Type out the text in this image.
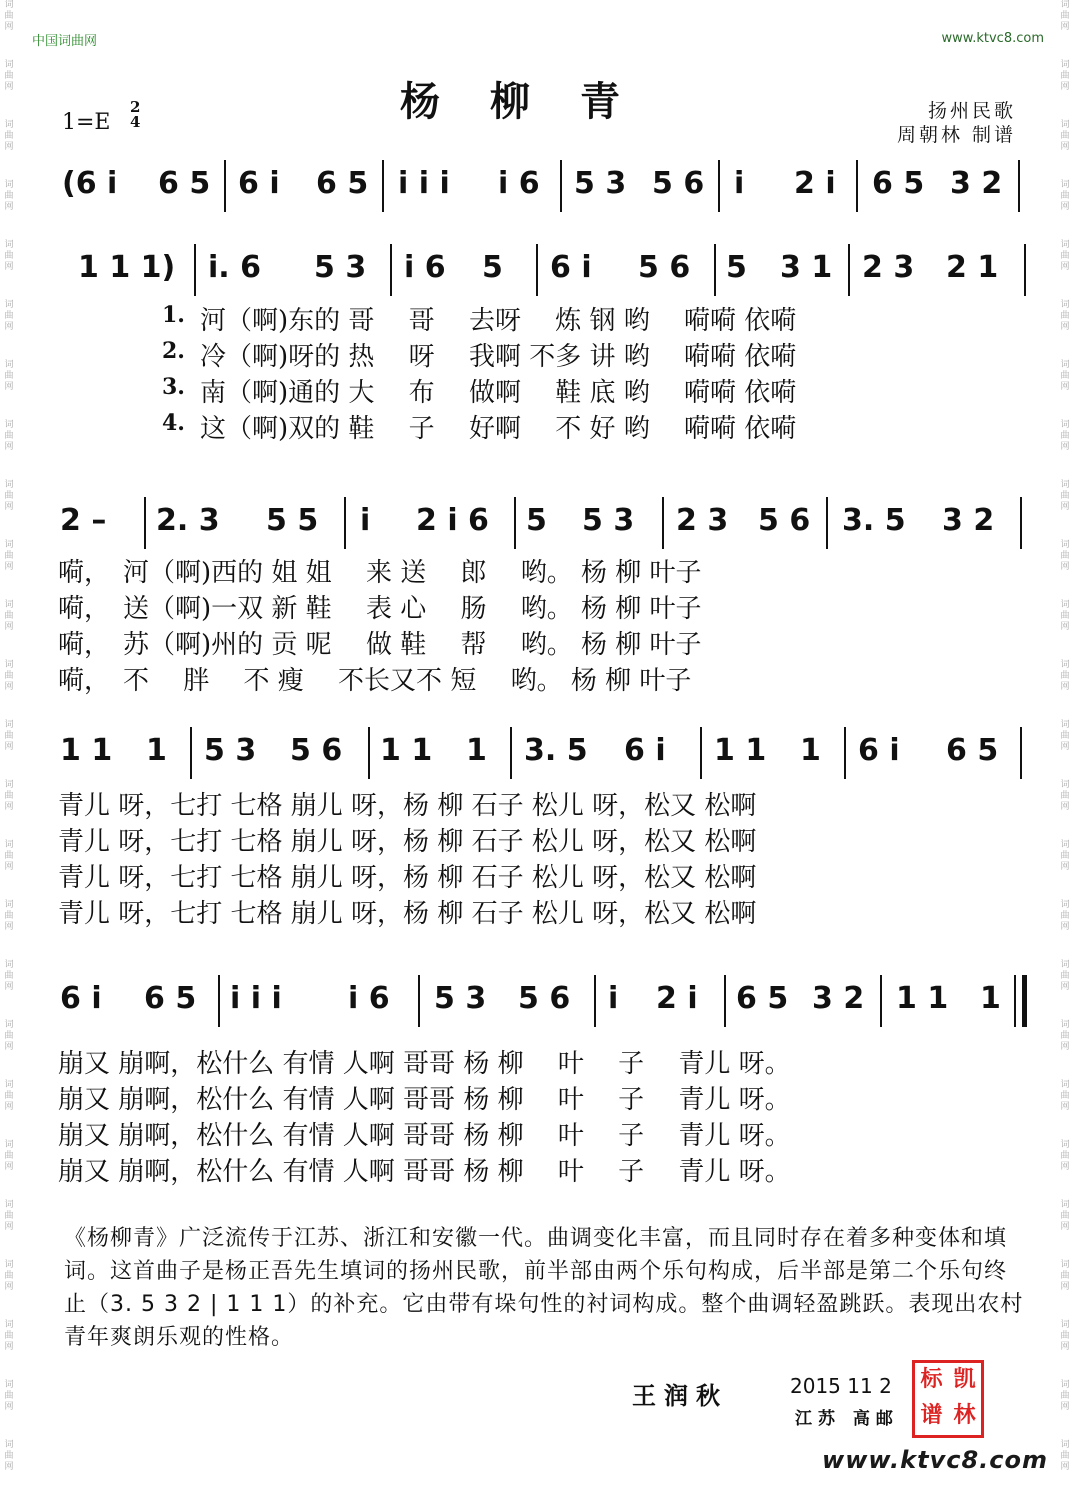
词
曲
网
词
曲
网
词
曲
网
词
曲
网
词
曲
网
词
曲
网
词
曲
网
词
曲
网
词
曲
网
词
曲
网
词
曲
网
词
曲
网
词
曲
网
词
曲
网
词
曲
网
词
曲
网
词
曲
网
词
曲
网
词
曲
网
词
曲
网
词
曲
网
词
曲
网
词
曲
网
词
曲
网
词
曲
网
词
曲
网
词
曲
网
词
曲
网
词
曲
网
词
曲
网
词
曲
网
词
曲
网
词
曲
网
词
曲
网
词
曲
网
词
曲
网
词
曲
网
词
曲
网
词
曲
网
词
曲
网
词
曲
网
词
曲
网
词
曲
网
词
曲
网
词
曲
网
词
曲
网
词
曲
网
词
曲
网
词
曲
网
词
曲
网
中国词曲网	www.ktvc8.com
杨柳青
1=E
2
4	扬州民歌
周朝林 制谱
(6 i 6 5 6 i 6 5 i i i i 6 5 3 5 6 i 2 i 6 5 3 2
1 1 1) i. 6 5 3 i 6 5 6 i 5 6 5 3 1 2 3 2 1
1. 河（啊)东的 哥　 哥　 去呀　 炼 钢 哟　 嗬嗬 依嗬
2. 冷（啊)呀的 热　 呀　 我啊 不多 讲 哟　 嗬嗬 依嗬
3. 南（啊)通的 大　 布　 做啊　 鞋 底 哟　 嗬嗬 依嗬
4. 这（啊)双的 鞋　 子　 好啊　 不 好 哟　 嗬嗬 依嗬
2 – 2. 3 5 5 i 2 i 6 5 5 3 2 3 5 6 3. 5 3 2
嗬，　河（啊)西的 姐 姐　 来 送　 郎　 哟。 杨 柳 叶子
嗬，　送（啊)一双 新 鞋　 表 心　 肠　 哟。 杨 柳 叶子
嗬，　苏（啊)州的 贡 呢　 做 鞋　 帮　 哟。 杨 柳 叶子
嗬，　不　 胖　 不 瘦　 不长又不 短　 哟。 杨 柳 叶子
1 1 1 5 3 5 6 1 1 1 3. 5 6 i 1 1 1 6 i 6 5
青儿 呀，七打 七格 崩儿 呀，杨 柳 石子 松儿 呀，松又 松啊
青儿 呀，七打 七格 崩儿 呀，杨 柳 石子 松儿 呀，松又 松啊
青儿 呀，七打 七格 崩儿 呀，杨 柳 石子 松儿 呀，松又 松啊
青儿 呀，七打 七格 崩儿 呀，杨 柳 石子 松儿 呀，松又 松啊
6 i 6 5 i i i i 6 5 3 5 6 i 2 i 6 5 3 2 1 1 1
崩又 崩啊，松什么 有情 人啊 哥哥 杨 柳　 叶　 子　 青儿 呀。
崩又 崩啊，松什么 有情 人啊 哥哥 杨 柳　 叶　 子　 青儿 呀。
崩又 崩啊，松什么 有情 人啊 哥哥 杨 柳　 叶　 子　 青儿 呀。
崩又 崩啊，松什么 有情 人啊 哥哥 杨 柳　 叶　 子　 青儿 呀。
《杨柳青》广泛流传于江苏、浙江和安徽一代。曲调变化丰富，而且同时存在着多种变体和填词。这首曲子是杨正吾先生填词的扬州民歌，前半部由两个乐句构成，后半部是第二个乐句终止（3. 5 3 2 | 1 1 1）的补充。它由带有垛句性的衬词构成。整个曲调轻盈跳跃。表现出农村青年爽朗乐观的性格。
王润秋	2015 11 2
江苏 高邮
标 凯
谱 林
www.ktvc8.com
